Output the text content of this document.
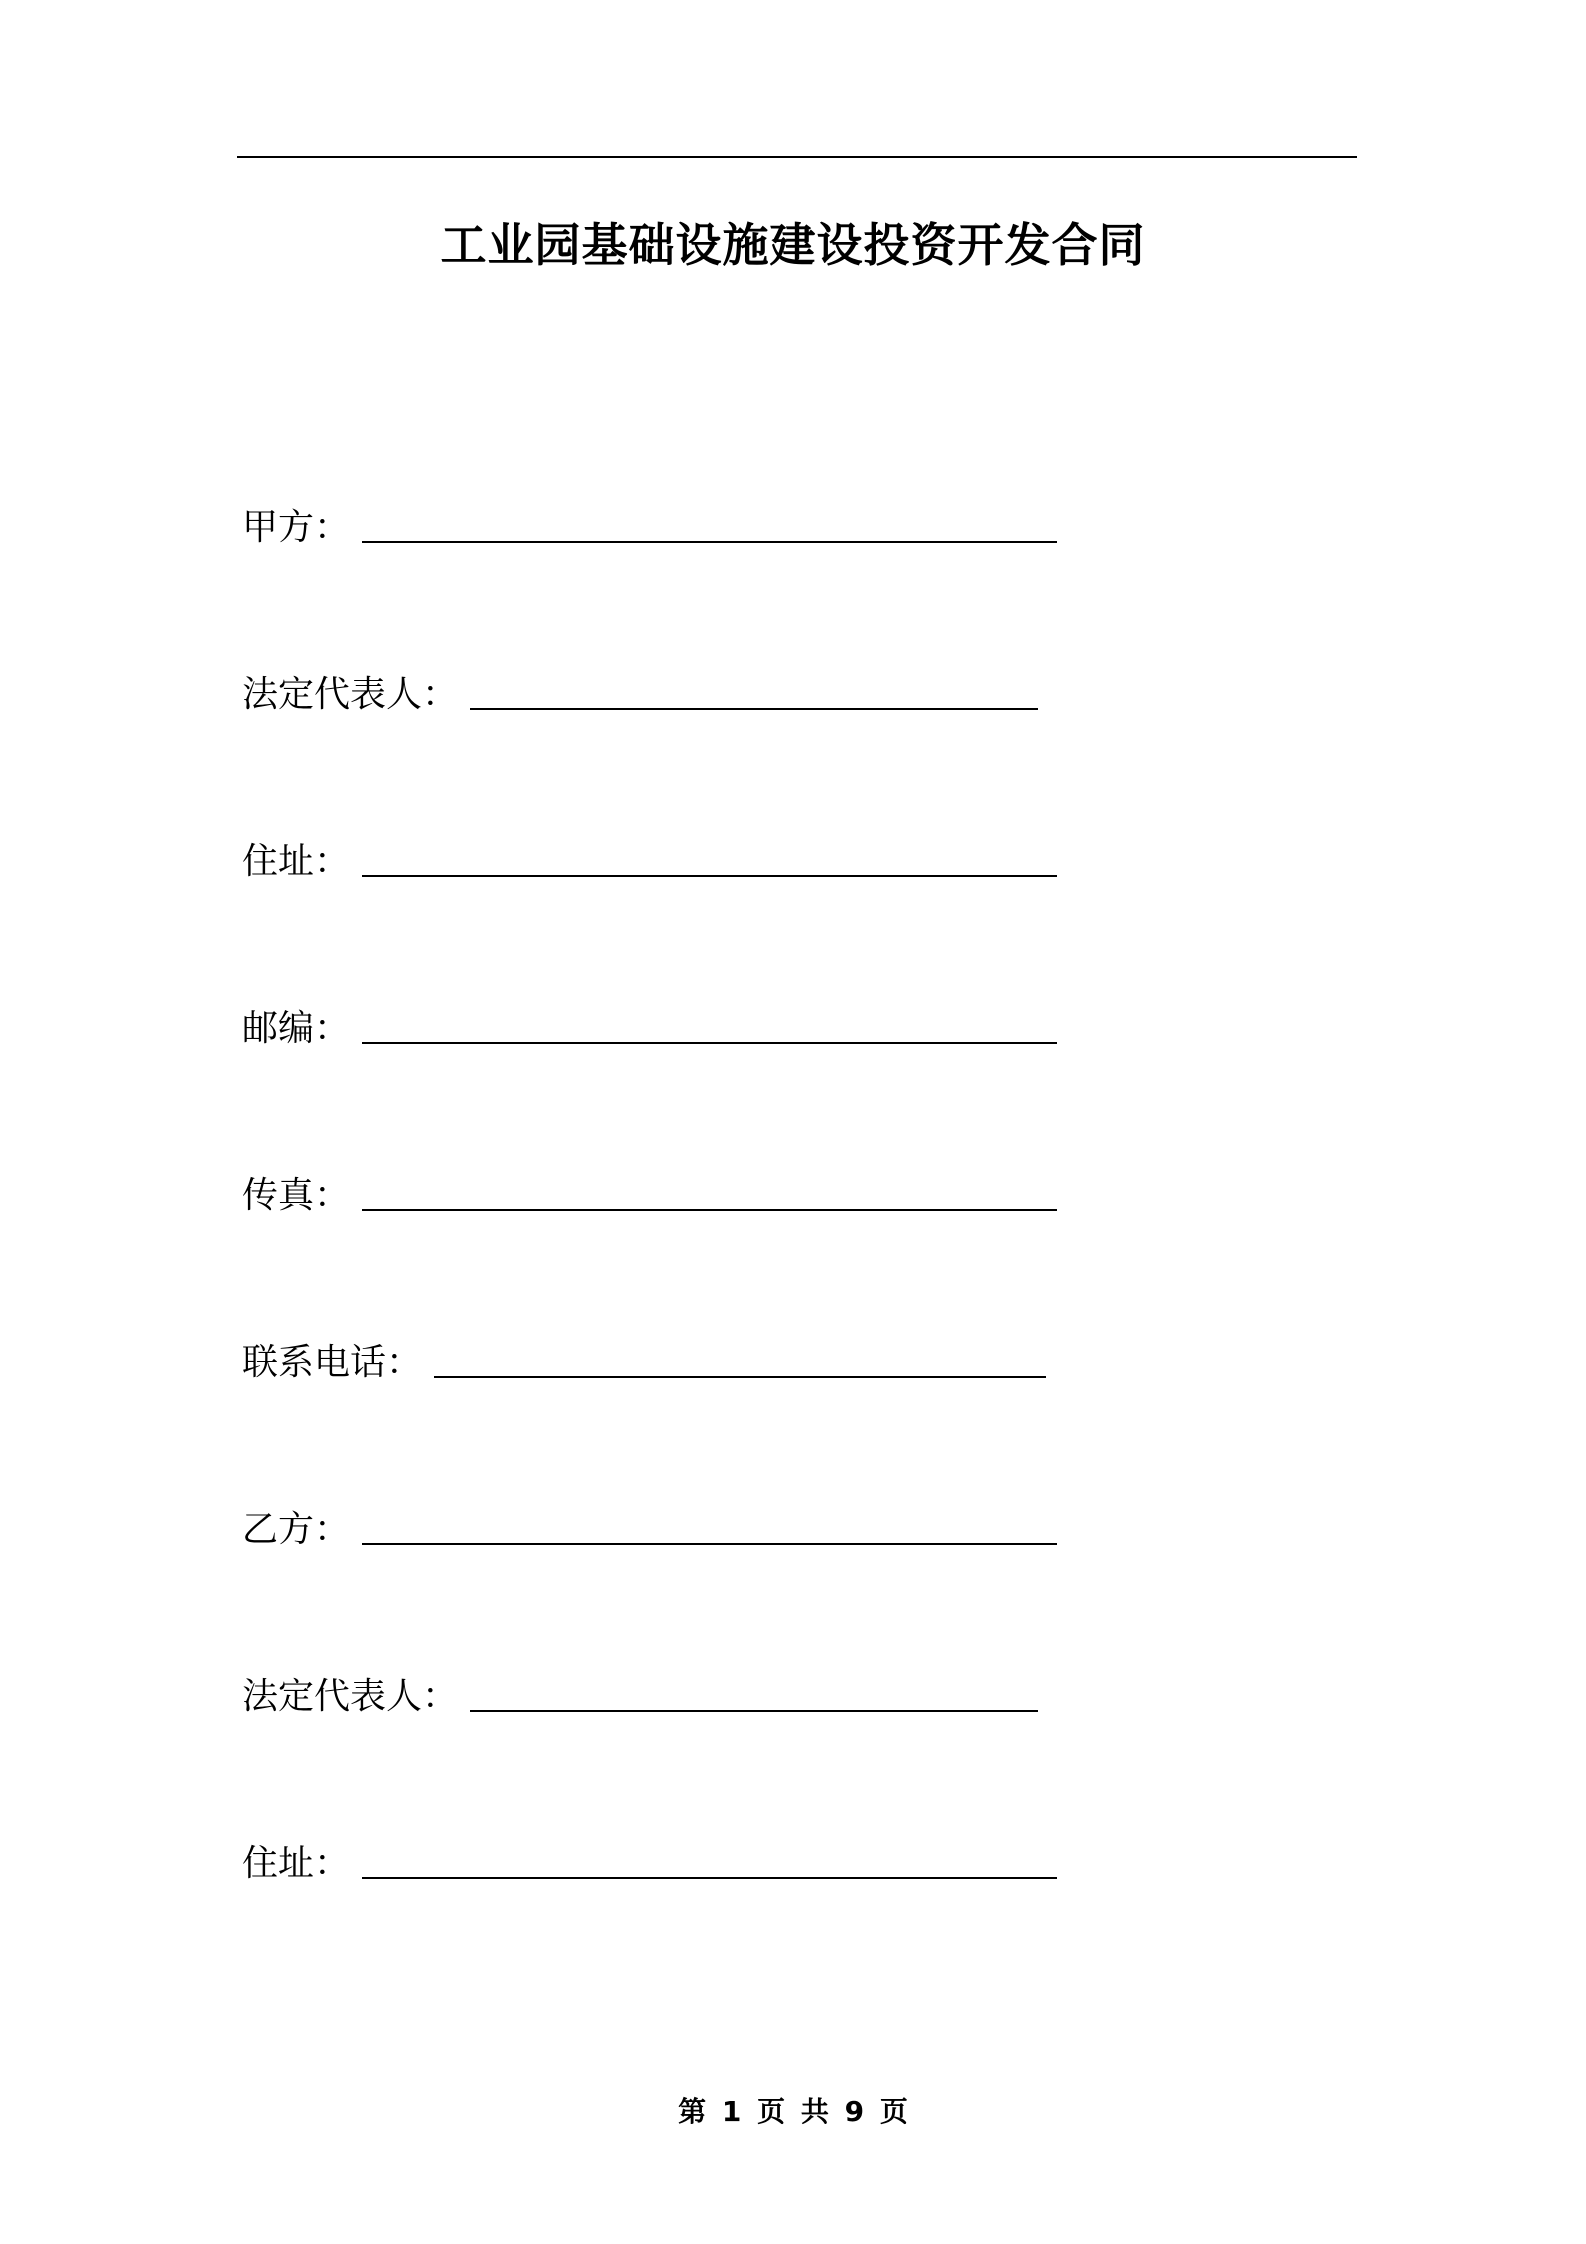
工业园基础设施建设投资开发合同
甲方：
法定代表人：
住址：
邮编：
传真：
联系电话：
乙方：
法定代表人：
住址：
第 1 页 共 9 页
